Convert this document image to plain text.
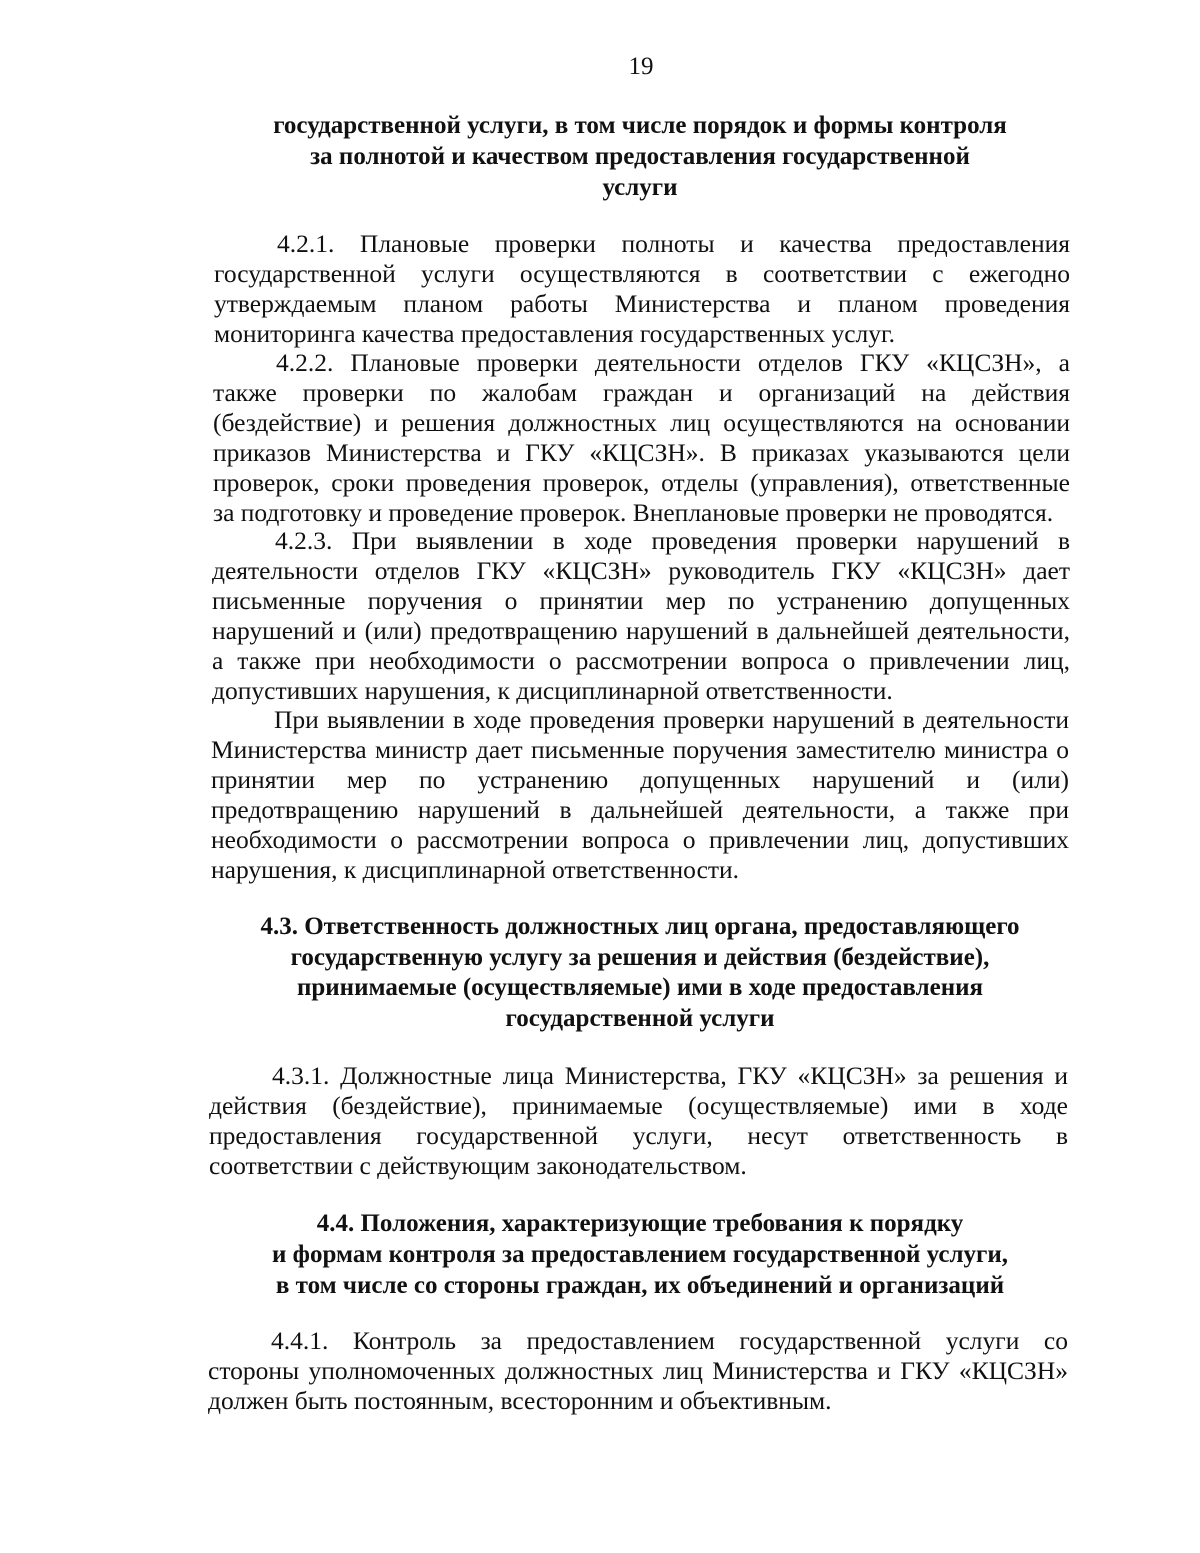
19
государственной услуги, в том числе порядок и формы контроля
за полнотой и качеством предоставления государственной
услуги
4.2.1. Плановые проверки полноты и качества предоставления
государственной услуги осуществляются в соответствии с ежегодно
утверждаемым планом работы Министерства и планом проведения
мониторинга качества предоставления государственных услуг.
4.2.2. Плановые проверки деятельности отделов ГКУ «КЦСЗН», а
также проверки по жалобам граждан и организаций на действия
(бездействие) и решения должностных лиц осуществляются на основании
приказов Министерства и ГКУ «КЦСЗН». В приказах указываются цели
проверок, сроки проведения проверок, отделы (управления), ответственные
за подготовку и проведение проверок. Внеплановые проверки не проводятся.
4.2.3. При выявлении в ходе проведения проверки нарушений в
деятельности отделов ГКУ «КЦСЗН» руководитель ГКУ «КЦСЗН» дает
письменные поручения о принятии мер по устранению допущенных
нарушений и (или) предотвращению нарушений в дальнейшей деятельности,
а также при необходимости о рассмотрении вопроса о привлечении лиц,
допустивших нарушения, к дисциплинарной ответственности.
При выявлении в ходе проведения проверки нарушений в деятельности
Министерства министр дает письменные поручения заместителю министра о
принятии мер по устранению допущенных нарушений и (или)
предотвращению нарушений в дальнейшей деятельности, а также при
необходимости о рассмотрении вопроса о привлечении лиц, допустивших
нарушения, к дисциплинарной ответственности.
4.3. Ответственность должностных лиц органа, предоставляющего
государственную услугу за решения и действия (бездействие),
принимаемые (осуществляемые) ими в ходе предоставления
государственной услуги
4.3.1. Должностные лица Министерства, ГКУ «КЦСЗН» за решения и
действия (бездействие), принимаемые (осуществляемые) ими в ходе
предоставления государственной услуги, несут ответственность в
соответствии с действующим законодательством.
4.4. Положения, характеризующие требования к порядку
и формам контроля за предоставлением государственной услуги,
в том числе со стороны граждан, их объединений и организаций
4.4.1. Контроль за предоставлением государственной услуги со
стороны уполномоченных должностных лиц Министерства и ГКУ «КЦСЗН»
должен быть постоянным, всесторонним и объективным.
